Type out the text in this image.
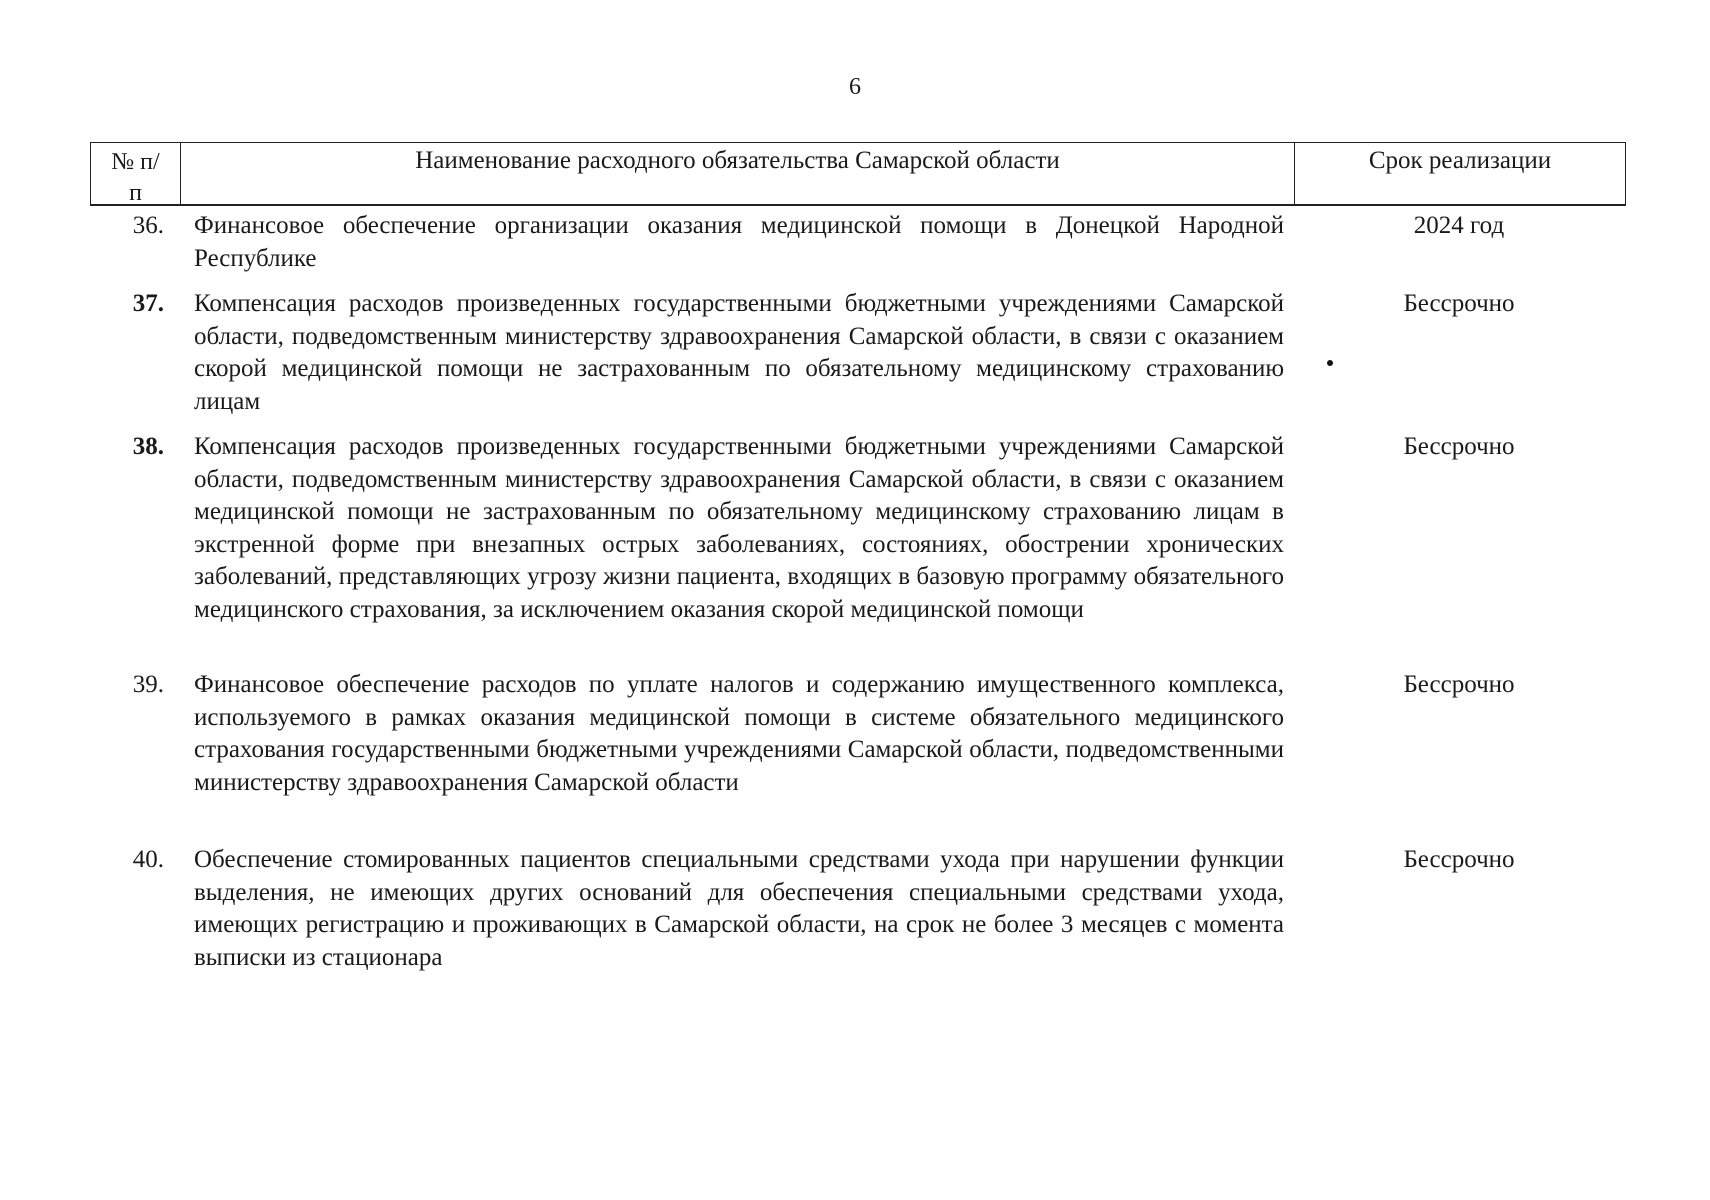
6
№ п/п
Наименование расходного обязательства Самарской области	Срок реализации
36. Финансовое обеспечение организации оказания медицинской помощи в Донецкой Народной Республике
2024 год
37. Компенсация расходов произведенных государственными бюджетными учреждениями Самарской области, подведомственным министерству здравоохранения Самарской области, в связи с оказанием скорой медицинской помощи не застрахованным по обязательному медицинскому страхованию лицам
Бессрочно
38. Компенсация расходов произведенных государственными бюджетными учреждениями Самарской области, подведомственным министерству здравоохранения Самарской области, в связи с оказанием медицинской помощи не застрахованным по обязательному медицинскому страхованию лицам в экстренной форме при внезапных острых заболеваниях, состояниях, обострении хронических заболеваний, представляющих угрозу жизни пациента, входящих в базовую программу обязательного медицинского страхования, за исключением оказания скорой медицинской помощи
Бессрочно
39. Финансовое обеспечение расходов по уплате налогов и содержанию имущественного комплекса, используемого в рамках оказания медицинской помощи в системе обязательного медицинского страхования государственными бюджетными учреждениями Самарской области, подведомственными министерству здравоохранения Самарской области
Бессрочно
40. Обеспечение стомированных пациентов специальными средствами ухода при нарушении функции выделения, не имеющих других оснований для обеспечения специальными средствами ухода, имеющих регистрацию и проживающих в Самарской области, на срок не более 3 месяцев с момента выписки из стационара
Бессрочно
